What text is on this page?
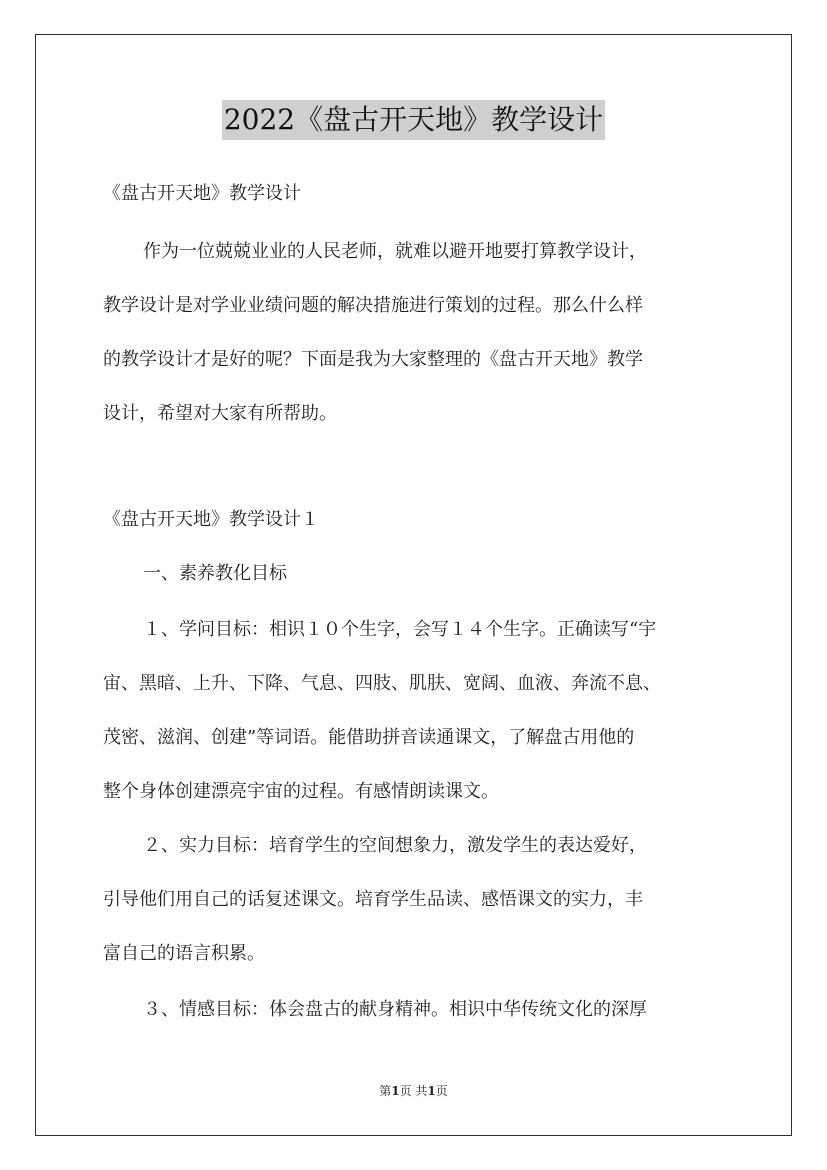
2022《盘古开天地》教学设计
《盘古开天地》教学设计
作为一位兢兢业业的人民老师，就难以避开地要打算教学设计，
教学设计是对学业业绩问题的解决措施进行策划的过程。那么什么样
的教学设计才是好的呢？下面是我为大家整理的《盘古开天地》教学
设计，希望对大家有所帮助。
《盘古开天地》教学设计１
一、素养教化目标
１、学问目标：相识１０个生字，会写１４个生字。正确读写“宇
宙、黑暗、上升、下降、气息、四肢、肌肤、宽阔、血液、奔流不息、
茂密、滋润、创建”等词语。能借助拼音读通课文，了解盘古用他的
整个身体创建漂亮宇宙的过程。有感情朗读课文。
２、实力目标：培育学生的空间想象力，激发学生的表达爱好，
引导他们用自己的话复述课文。培育学生品读、感悟课文的实力，丰
富自己的语言积累。
３、情感目标：体会盘古的献身精神。相识中华传统文化的深厚
第1页 共1页
